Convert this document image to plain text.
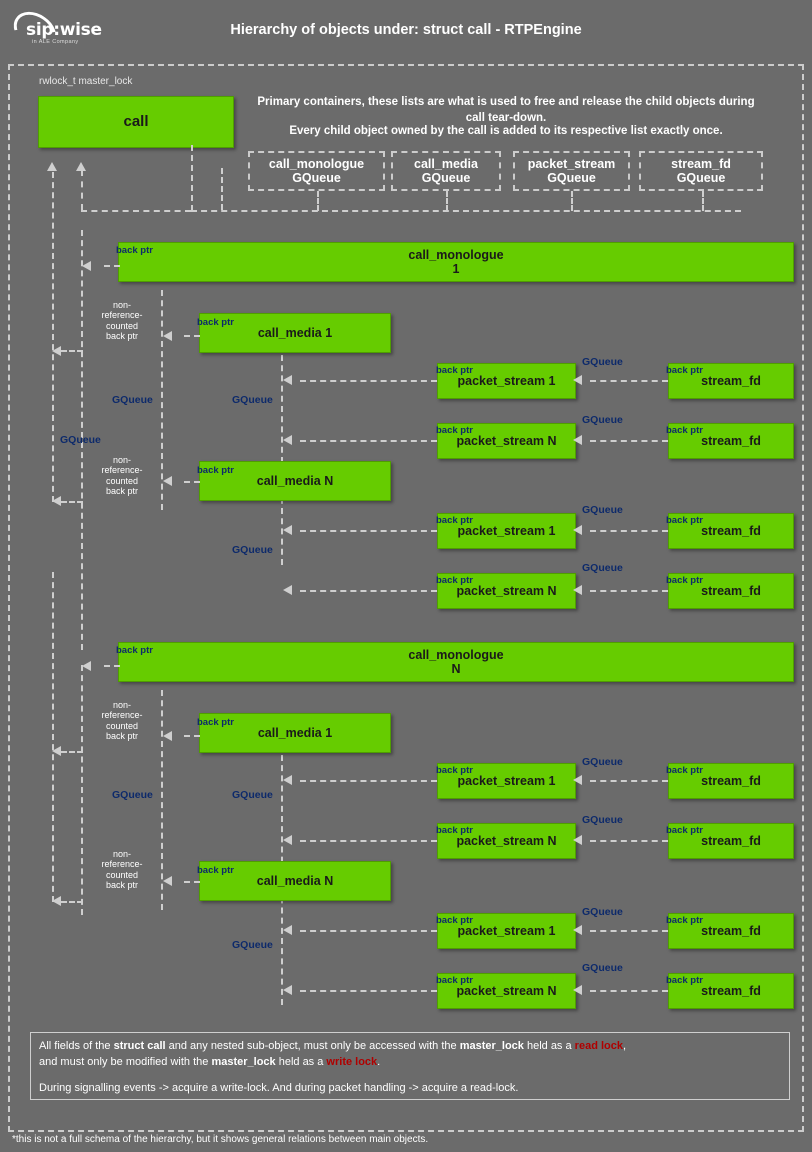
sip:wise
in ALE Company
Hierarchy of objects under: struct call - RTPEngine
rwlock_t master_lock
Primary containers, these lists are what is used to free and release the child objects during call tear-down.
Every child object owned by the call is added to its respective list exactly once.
call
call_monologue
GQueue
call_media
GQueue
packet_stream
GQueue
stream_fd
GQueue
call_monologue
1
back ptr
call_media 1
back ptr
non-
reference-
counted
back ptr
packet_stream 1
back ptr
stream_fd
back ptr
GQueue
packet_stream N
back ptr
stream_fd
back ptr
GQueue
GQueue	GQueue
GQueue
call_media N
back ptr
non-
reference-
counted
back ptr
packet_stream 1
back ptr
stream_fd
back ptr
GQueue
packet_stream N
back ptr
stream_fd
back ptr
GQueue
GQueue
call_monologue
N
back ptr
call_media 1
back ptr
non-
reference-
counted
back ptr
packet_stream 1
back ptr
stream_fd
back ptr
GQueue
packet_stream N
back ptr
stream_fd
back ptr
GQueue
GQueue	GQueue
call_media N
back ptr
non-
reference-
counted
back ptr
packet_stream 1
back ptr
stream_fd
back ptr
GQueue
packet_stream N
back ptr
stream_fd
back ptr
GQueue
GQueue
All fields of the struct call and any nested sub-object, must only be accessed with the master_lock held as a read lock,
and must only be modified with the master_lock held as a write lock.
During signalling events -> acquire a write-lock. And during packet handling -> acquire a read-lock.
*this is not a full schema of the hierarchy, but it shows general relations between main objects.
